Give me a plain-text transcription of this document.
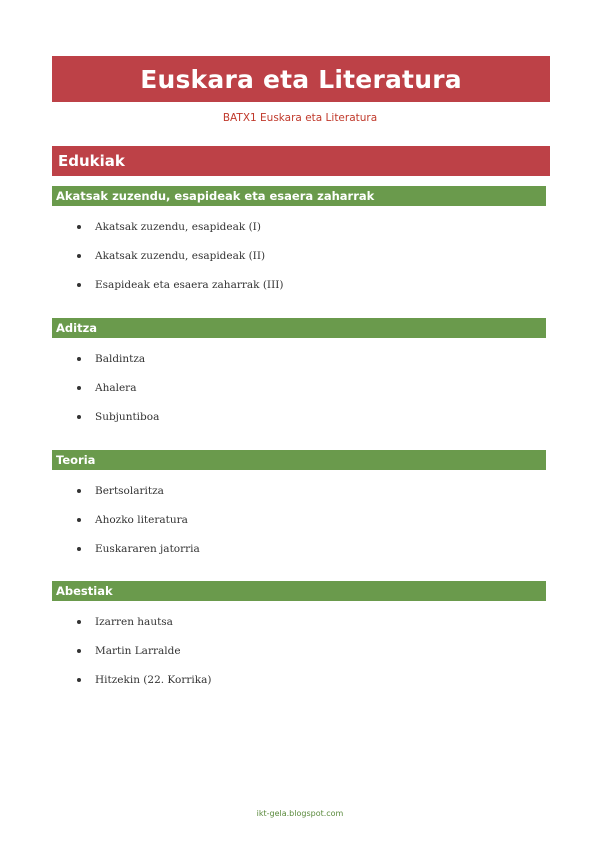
Euskara eta Literatura
BATX1 Euskara eta Literatura
Edukiak
Akatsak zuzendu, esapideak eta esaera zaharrak
Akatsak zuzendu, esapideak (I)
Akatsak zuzendu, esapideak (II)
Esapideak eta esaera zaharrak (III)
Aditza
Baldintza
Ahalera
Subjuntiboa
Teoria
Bertsolaritza
Ahozko literatura
Euskararen jatorria
Abestiak
Izarren hautsa
Martin Larralde
Hitzekin (22. Korrika)
ikt-gela.blogspot.com
